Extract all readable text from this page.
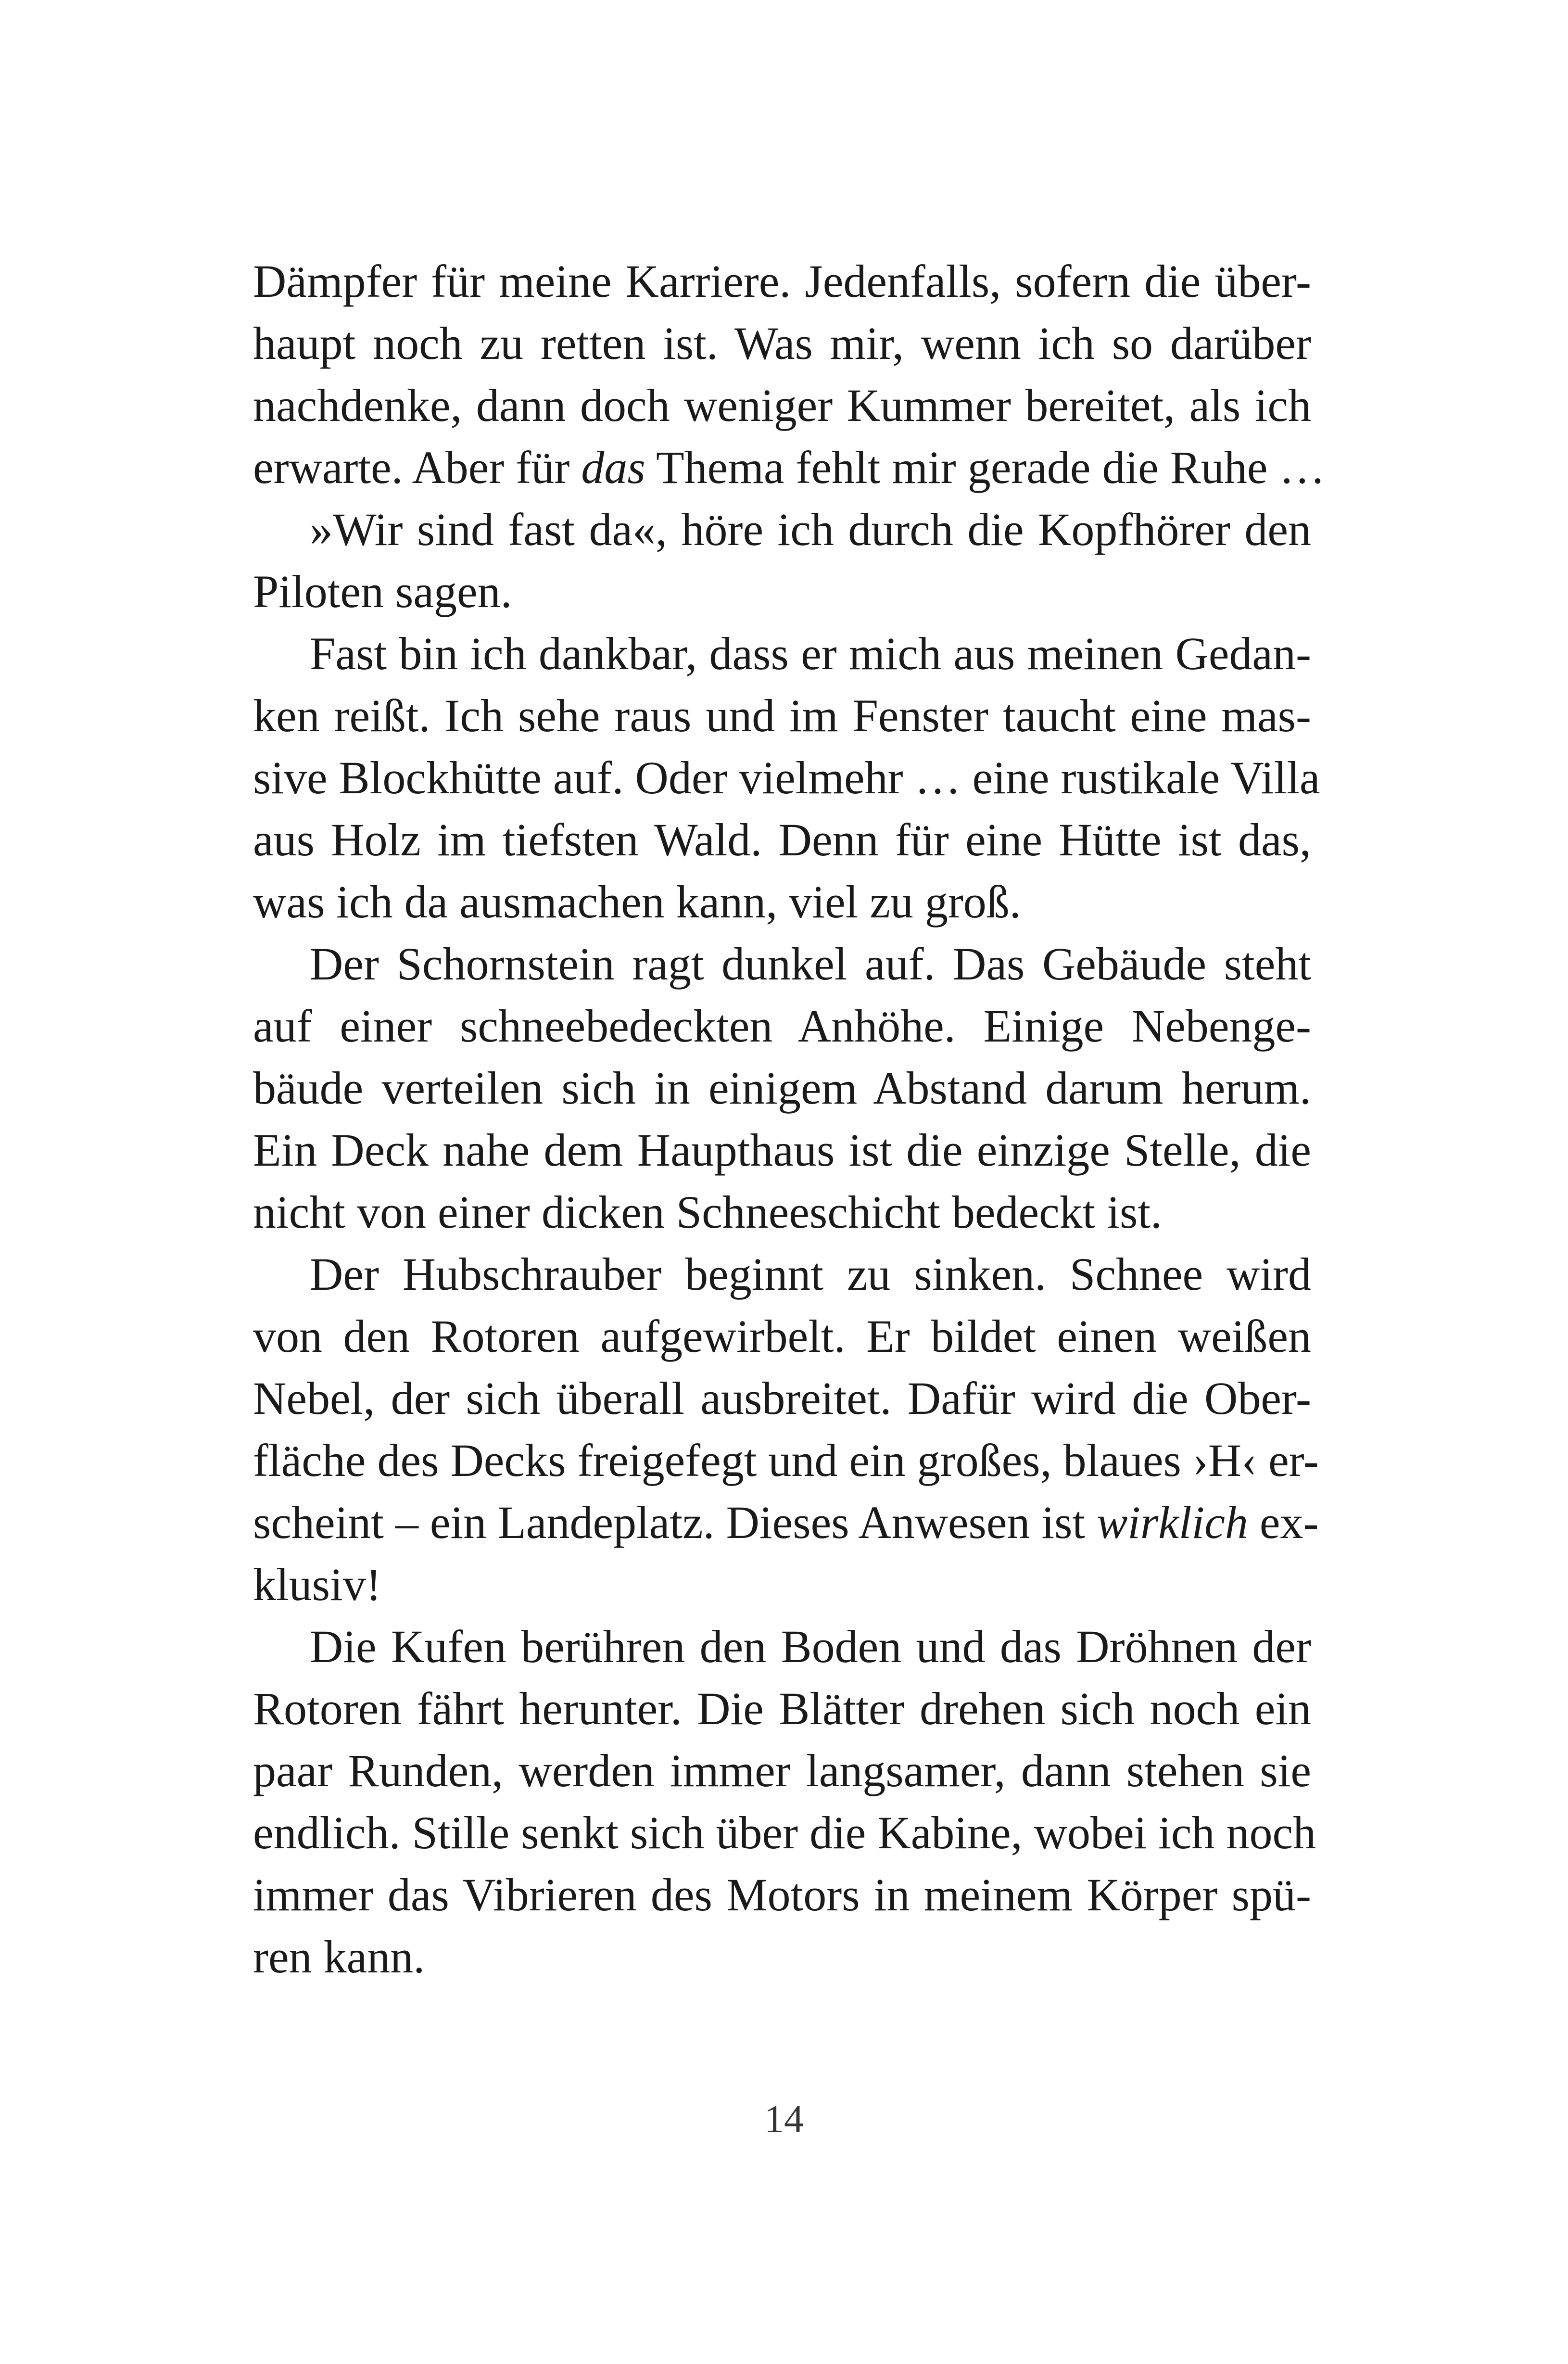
Dämpfer für meine Karriere. Jedenfalls, sofern die über-
haupt noch zu retten ist. Was mir, wenn ich so darüber
nachdenke, dann doch weniger Kummer bereitet, als ich
erwarte. Aber für das Thema fehlt mir gerade die Ruhe …
»Wir sind fast da«, höre ich durch die Kopfhörer den
Piloten sagen.
Fast bin ich dankbar, dass er mich aus meinen Gedan-
ken reißt. Ich sehe raus und im Fenster taucht eine mas-
sive Blockhütte auf. Oder vielmehr … eine rustikale Villa
aus Holz im tiefsten Wald. Denn für eine Hütte ist das,
was ich da ausmachen kann, viel zu groß.
Der Schornstein ragt dunkel auf. Das Gebäude steht
auf einer schneebedeckten Anhöhe. Einige Nebenge-
bäude verteilen sich in einigem Abstand darum herum.
Ein Deck nahe dem Haupthaus ist die einzige Stelle, die
nicht von einer dicken Schneeschicht bedeckt ist.
Der Hubschrauber beginnt zu sinken. Schnee wird
von den Rotoren aufgewirbelt. Er bildet einen weißen
Nebel, der sich überall ausbreitet. Dafür wird die Ober-
fläche des Decks freigefegt und ein großes, blaues ›H‹ er-
scheint – ein Landeplatz. Dieses Anwesen ist wirklich ex-
klusiv!
Die Kufen berühren den Boden und das Dröhnen der
Rotoren fährt herunter. Die Blätter drehen sich noch ein
paar Runden, werden immer langsamer, dann stehen sie
endlich. Stille senkt sich über die Kabine, wobei ich noch
immer das Vibrieren des Motors in meinem Körper spü-
ren kann.
14
